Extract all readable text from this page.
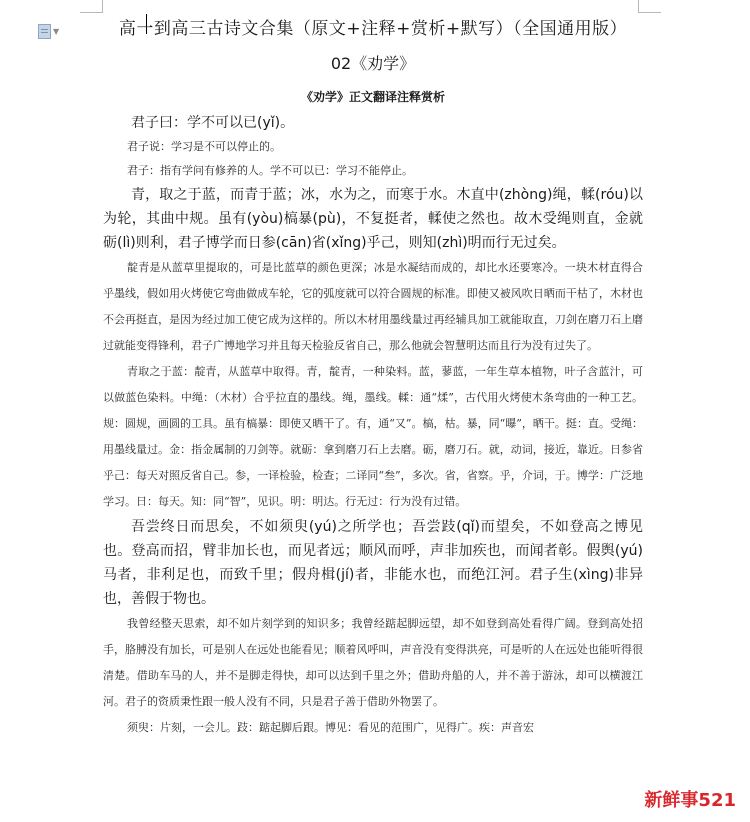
▼	高一到高三古诗文合集（原文+注释+赏析+默写）（全国通用版）
02《劝学》
《劝学》正文翻译注释赏析

君子曰：学不可以已(yǐ)。

君子说：学习是不可以停止的。

君子：指有学问有修养的人。学不可以已：学习不能停止。

青，取之于蓝，而青于蓝；冰，水为之，而寒于水。木直中(zhòng)绳，輮(róu)以为轮，其曲中规。虽有(yòu)槁暴(pù)，不复挺者，輮使之然也。故木受绳则直，金就砺(lì)则利，君子博学而日参(cān)省(xǐng)乎己，则知(zhì)明而行无过矣。

靛青是从蓝草里提取的，可是比蓝草的颜色更深；冰是水凝结而成的，却比水还要寒冷。一块木材直得合乎墨线，假如用火烤使它弯曲做成车轮，它的弧度就可以符合圆规的标准。即使又被风吹日晒而干枯了，木材也不会再挺直，是因为经过加工使它成为这样的。所以木材用墨线量过再经辅具加工就能取直，刀剑在磨刀石上磨过就能变得锋利，君子广博地学习并且每天检验反省自己，那么他就会智慧明达而且行为没有过失了。

青取之于蓝：靛青，从蓝草中取得。青，靛青，一种染料。蓝，蓼蓝，一年生草本植物，叶子含蓝汁，可以做蓝色染料。中绳：（木材）合乎拉直的墨线。绳，墨线。輮：通“煣”，古代用火烤使木条弯曲的一种工艺。规：圆规，画圆的工具。虽有槁暴：即使又晒干了。有，通“又”。槁，枯。暴，同“曝”，晒干。挺：直。受绳：用墨线量过。金：指金属制的刀剑等。就砺：拿到磨刀石上去磨。砺，磨刀石。就，动词，接近，靠近。日参省乎己：每天对照反省自己。参，一译检验，检查；二译同“叁”，多次。省，省察。乎，介词，于。博学：广泛地学习。日：每天。知：同“智”，见识。明：明达。行无过：行为没有过错。

吾尝终日而思矣，不如须臾(yú)之所学也；吾尝跂(qǐ)而望矣，不如登高之博见也。登高而招，臂非加长也，而见者远；顺风而呼，声非加疾也，而闻者彰。假舆(yú)马者，非利足也，而致千里；假舟楫(jí)者，非能水也，而绝江河。君子生(xìng)非异也，善假于物也。

我曾经整天思索，却不如片刻学到的知识多；我曾经踮起脚远望，却不如登到高处看得广阔。登到高处招手，胳膊没有加长，可是别人在远处也能看见；顺着风呼叫，声音没有变得洪亮，可是听的人在远处也能听得很清楚。借助车马的人，并不是脚走得快，却可以达到千里之外；借助舟船的人，并不善于游泳，却可以横渡江河。君子的资质秉性跟一般人没有不同，只是君子善于借助外物罢了。

须臾：片刻，一会儿。跂：踮起脚后跟。博见：看见的范围广，见得广。疾：声音宏

新鲜事521
